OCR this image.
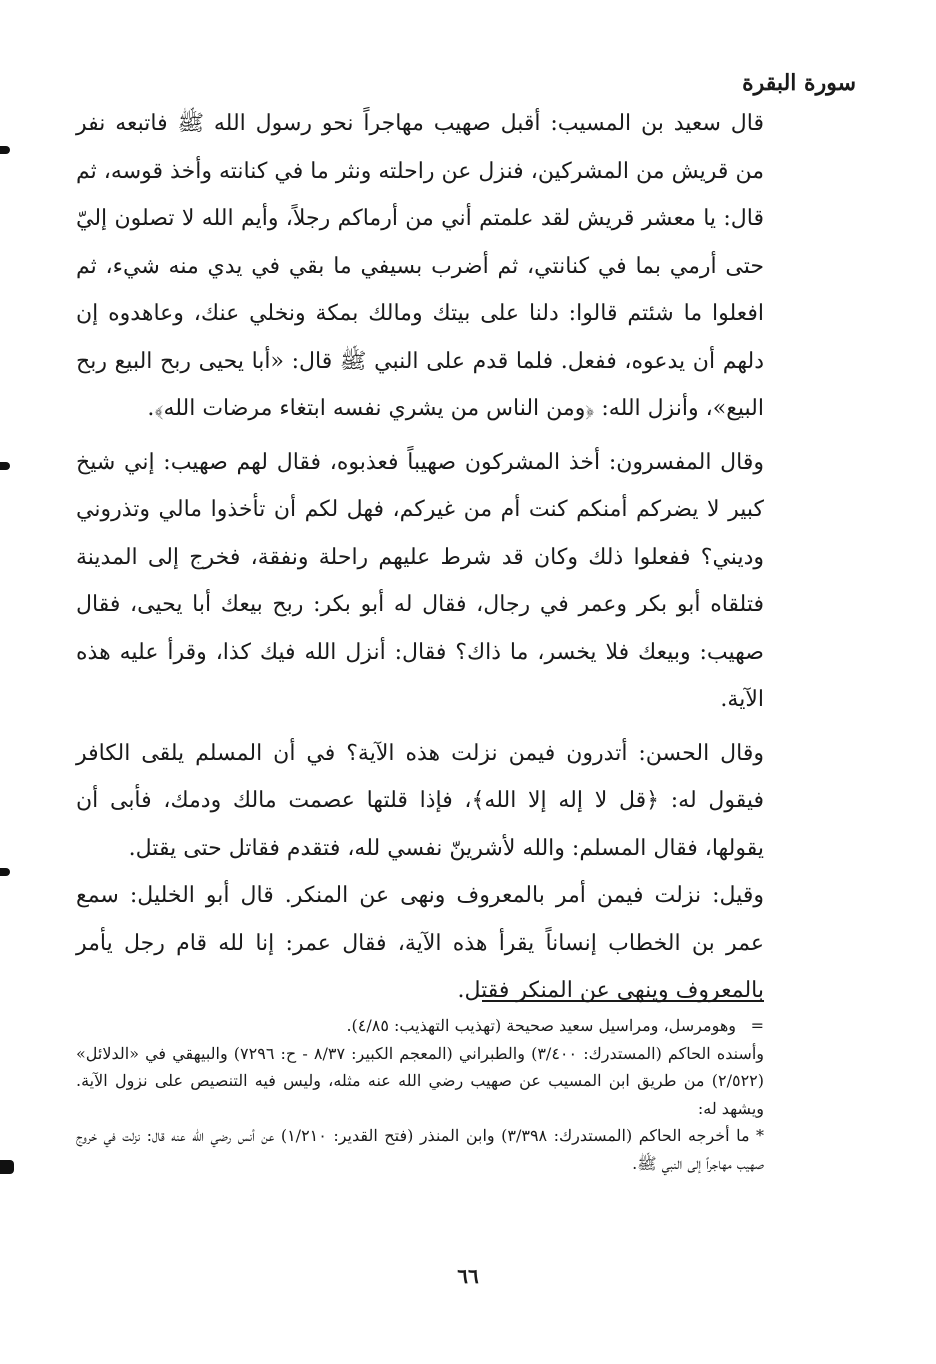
سورة البقرة

قال سعيد بن المسيب: أقبل صهيب مهاجراً نحو رسول الله ﷺ فاتبعه نفر من قريش من المشركين، فنزل عن راحلته ونثر ما في كنانته وأخذ قوسه، ثم قال: يا معشر قريش لقد علمتم أني من أرماكم رجلاً، وأيم الله لا تصلون إليّ حتى أرمي بما في كنانتي، ثم أضرب بسيفي ما بقي في يدي منه شيء، ثم افعلوا ما شئتم قالوا: دلنا على بيتك ومالك بمكة ونخلي عنك، وعاهدوه إن دلهم أن يدعوه، ففعل. فلما قدم على النبي ﷺ قال: «أبا يحيى ربح البيع ربح البيع»، وأنزل الله: ﴿ومن الناس من يشري نفسه ابتغاء مرضات الله﴾.

وقال المفسرون: أخذ المشركون صهيباً فعذبوه، فقال لهم صهيب: إني شيخ كبير لا يضركم أمنكم كنت أم من غيركم، فهل لكم أن تأخذوا مالي وتذروني وديني؟ ففعلوا ذلك وكان قد شرط عليهم راحلة ونفقة، فخرج إلى المدينة فتلقاه أبو بكر وعمر في رجال، فقال له أبو بكر: ربح بيعك أبا يحيى، فقال صهيب: وبيعك فلا يخسر، ما ذاك؟ فقال: أنزل الله فيك كذا، وقرأ عليه هذه الآية.

وقال الحسن: أتدرون فيمن نزلت هذه الآية؟ في أن المسلم يلقى الكافر فيقول له: ﴿قل لا إله إلا الله﴾، فإذا قلتها عصمت مالك ودمك، فأبى أن يقولها، فقال المسلم: والله لأشرينّ نفسي لله، فتقدم فقاتل حتى يقتل.

وقيل: نزلت فيمن أمر بالمعروف ونهى عن المنكر. قال أبو الخليل: سمع عمر بن الخطاب إنساناً يقرأ هذه الآية، فقال عمر: إنا لله قام رجل يأمر بالمعروف وينهى عن المنكر فقتل.

=
وهومرسل، ومراسيل سعيد صحيحة (تهذيب التهذيب: ٤/٨٥).

وأسنده الحاكم (المستدرك: ٣/٤٠٠) والطبراني (المعجم الكبير: ٨/٣٧ - ح: ٧٢٩٦) والبيهقي في «الدلائل» (٢/٥٢٢) من طريق ابن المسيب عن صهيب رضي الله عنه مثله، وليس فيه التنصيص على نزول الآية. ويشهد له:

* ما أخرجه الحاكم (المستدرك: ٣/٣٩٨) وابن المنذر (فتح القدير: ١/٢١٠) عن أنس رضي الله عنه قال: نزلت في خروج صهيب مهاجراً إلى النبي ﷺ.

٦٦
